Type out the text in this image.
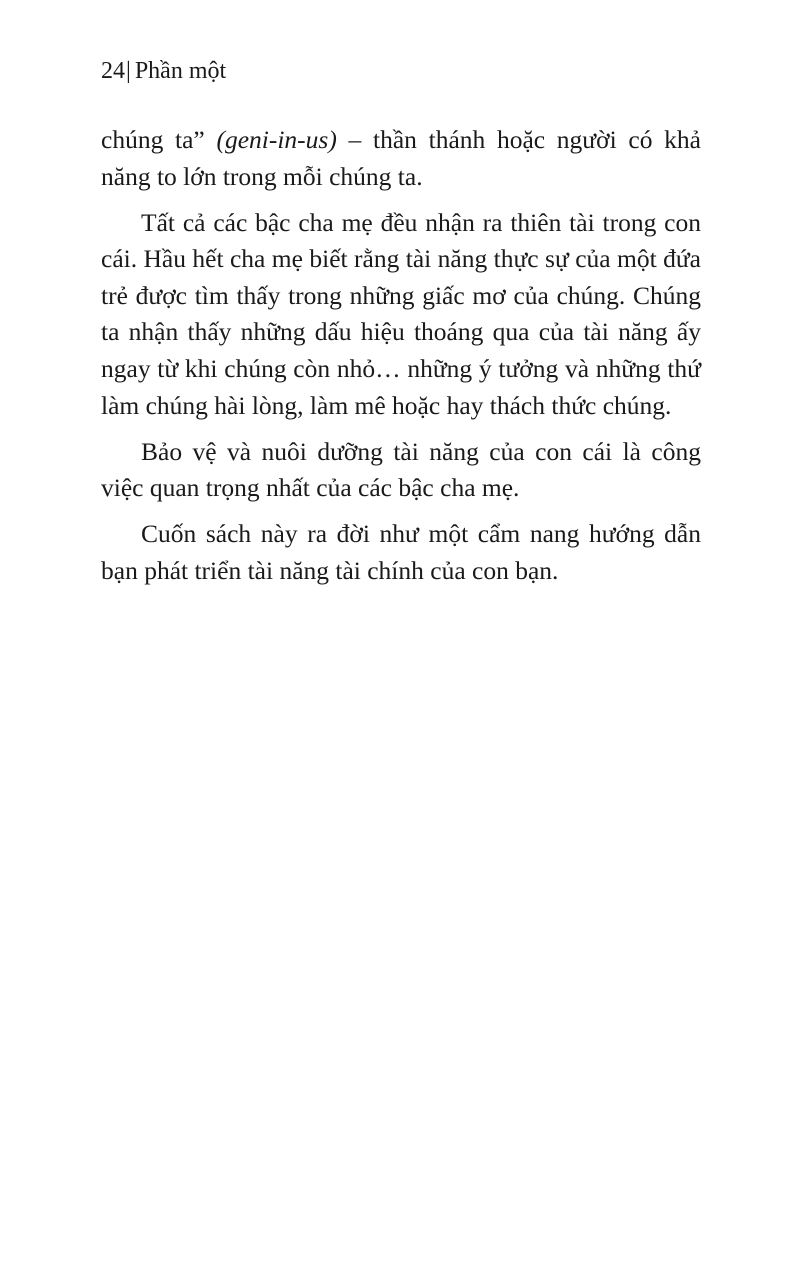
24| Phần một

chúng ta” (geni-in-us) – thần thánh hoặc người có khả năng to lớn trong mỗi chúng ta.

Tất cả các bậc cha mẹ đều nhận ra thiên tài trong con cái. Hầu hết cha mẹ biết rằng tài năng thực sự của một đứa trẻ được tìm thấy trong những giấc mơ của chúng. Chúng ta nhận thấy những dấu hiệu thoáng qua của tài năng ấy ngay từ khi chúng còn nhỏ… những ý tưởng và những thứ làm chúng hài lòng, làm mê hoặc hay thách thức chúng.

Bảo vệ và nuôi dưỡng tài năng của con cái là công việc quan trọng nhất của các bậc cha mẹ.

Cuốn sách này ra đời như một cẩm nang hướng dẫn bạn phát triển tài năng tài chính của con bạn.
